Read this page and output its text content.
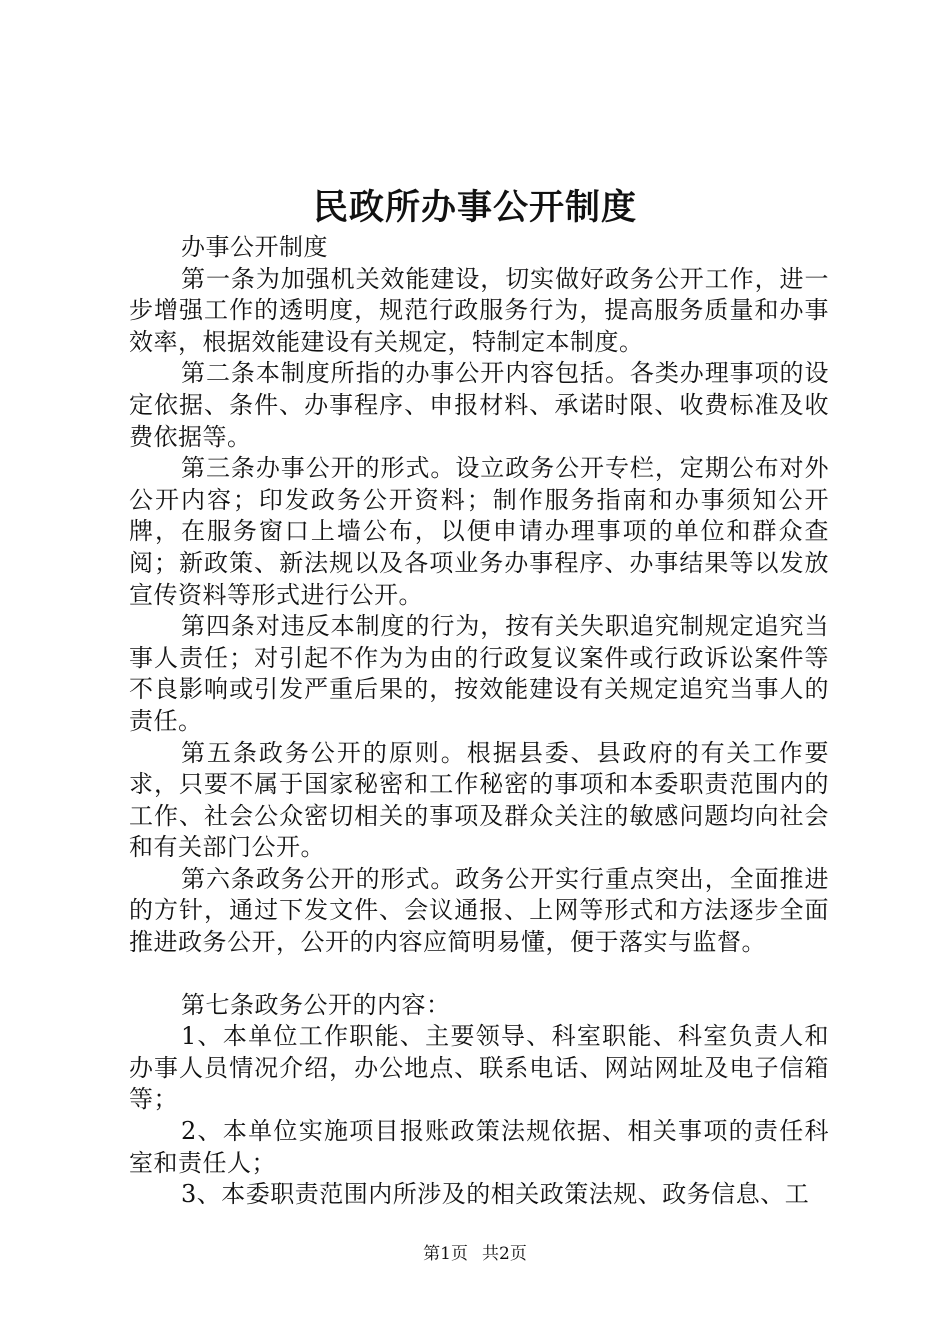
民政所办事公开制度

办事公开制度

第一条为加强机关效能建设，切实做好政务公开工作，进一步增强工作的透明度，规范行政服务行为，提高服务质量和办事效率，根据效能建设有关规定，特制定本制度。

第二条本制度所指的办事公开内容包括。各类办理事项的设定依据、条件、办事程序、申报材料、承诺时限、收费标准及收费依据等。

第三条办事公开的形式。设立政务公开专栏，定期公布对外公开内容；印发政务公开资料；制作服务指南和办事须知公开牌，在服务窗口上墙公布，以便申请办理事项的单位和群众查阅；新政策、新法规以及各项业务办事程序、办事结果等以发放宣传资料等形式进行公开。

第四条对违反本制度的行为，按有关失职追究制规定追究当事人责任；对引起不作为为由的行政复议案件或行政诉讼案件等不良影响或引发严重后果的，按效能建设有关规定追究当事人的责任。

第五条政务公开的原则。根据县委、县政府的有关工作要求，只要不属于国家秘密和工作秘密的事项和本委职责范围内的工作、社会公众密切相关的事项及群众关注的敏感问题均向社会和有关部门公开。

第六条政务公开的形式。政务公开实行重点突出，全面推进的方针，通过下发文件、会议通报、上网等形式和方法逐步全面推进政务公开，公开的内容应简明易懂，便于落实与监督。

第七条政务公开的内容：

1、本单位工作职能、主要领导、科室职能、科室负责人和办事人员情况介绍，办公地点、联系电话、网站网址及电子信箱等；

2、本单位实施项目报账政策法规依据、相关事项的责任科室和责任人；

3、本委职责范围内所涉及的相关政策法规、政务信息、工

第1页 共2页
